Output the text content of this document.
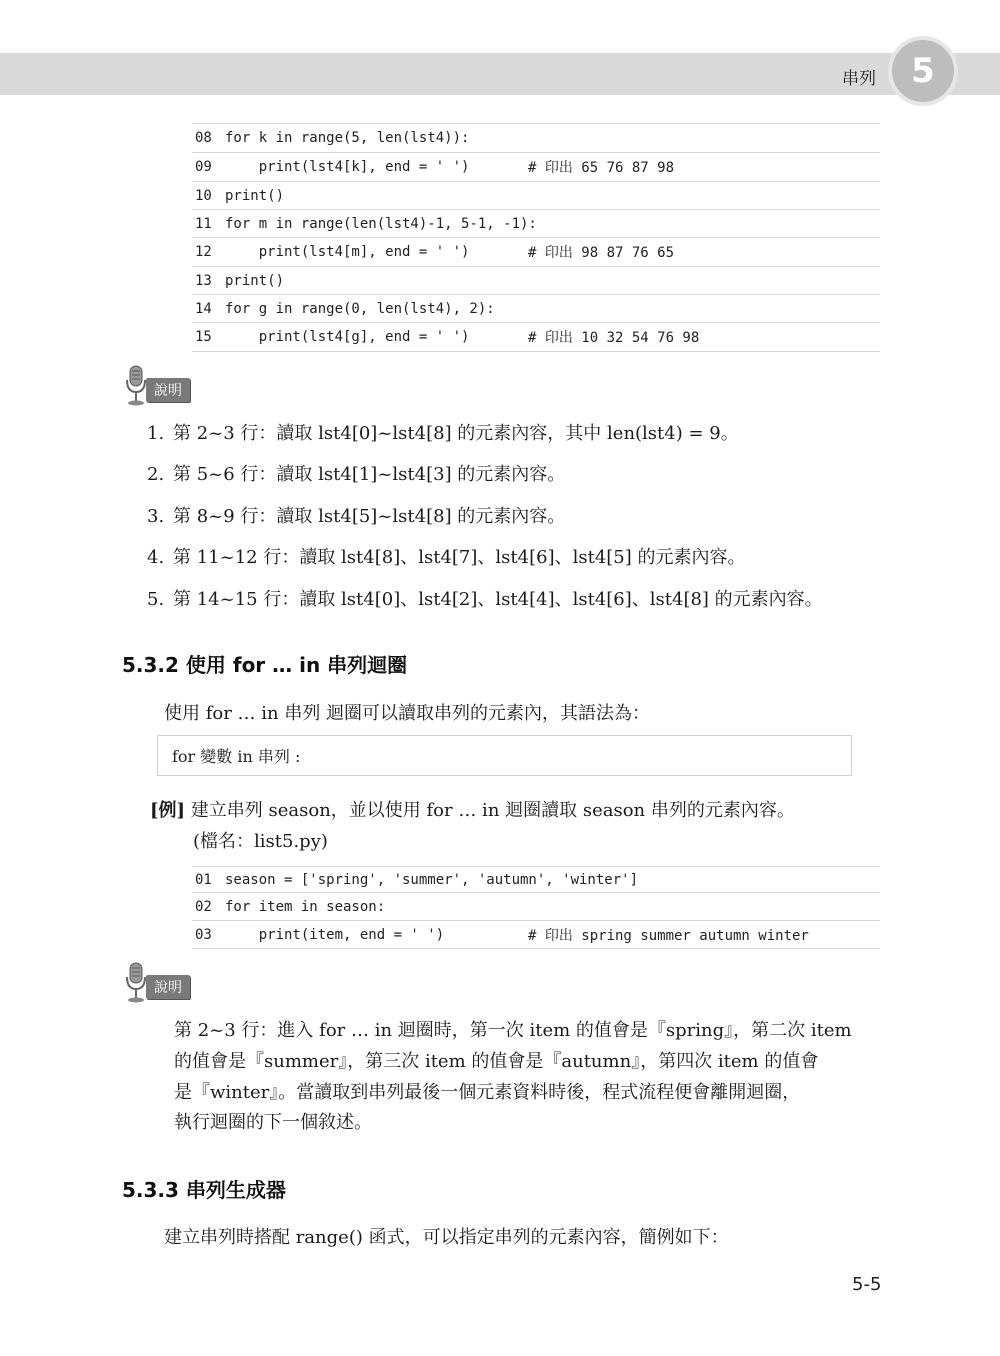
串列 5
08 for k in range(5, len(lst4)):
09 print(lst4[k], end = ' ')	# 印出 65 76 87 98
10 print()
11 for m in range(len(lst4)-1, 5-1, -1):
12 print(lst4[m], end = ' ')	# 印出 98 87 76 65
13 print()
14 for g in range(0, len(lst4), 2):
15 print(lst4[g], end = ' ')	# 印出 10 32 54 76 98
說明
1. 第 2~3 行：讀取 lst4[0]~lst4[8] 的元素內容，其中 len(lst4) = 9。
2. 第 5~6 行：讀取 lst4[1]~lst4[3] 的元素內容。
3. 第 8~9 行：讀取 lst4[5]~lst4[8] 的元素內容。
4. 第 11~12 行：讀取 lst4[8]、lst4[7]、lst4[6]、lst4[5] 的元素內容。
5. 第 14~15 行：讀取 lst4[0]、lst4[2]、lst4[4]、lst4[6]、lst4[8] 的元素內容。
5.3.2 使用 for … in 串列迴圈
使用 for … in 串列 迴圈可以讀取串列的元素內，其語法為：
for 變數 in 串列 :
[例] 建立串列 season，並以使用 for … in 迴圈讀取 season 串列的元素內容。
(檔名：list5.py)
01 season = ['spring', 'summer', 'autumn', 'winter']
02 for item in season:
03 print(item, end = ' ')	# 印出 spring summer autumn winter
說明
第 2~3 行：進入 for … in 迴圈時，第一次 item 的值會是『spring』，第二次 item
的值會是『summer』，第三次 item 的值會是『autumn』，第四次 item 的值會
是『winter』。當讀取到串列最後一個元素資料時後，程式流程便會離開迴圈，
執行迴圈的下一個敘述。
5.3.3 串列生成器
建立串列時搭配 range() 函式，可以指定串列的元素內容，簡例如下：
5-5
